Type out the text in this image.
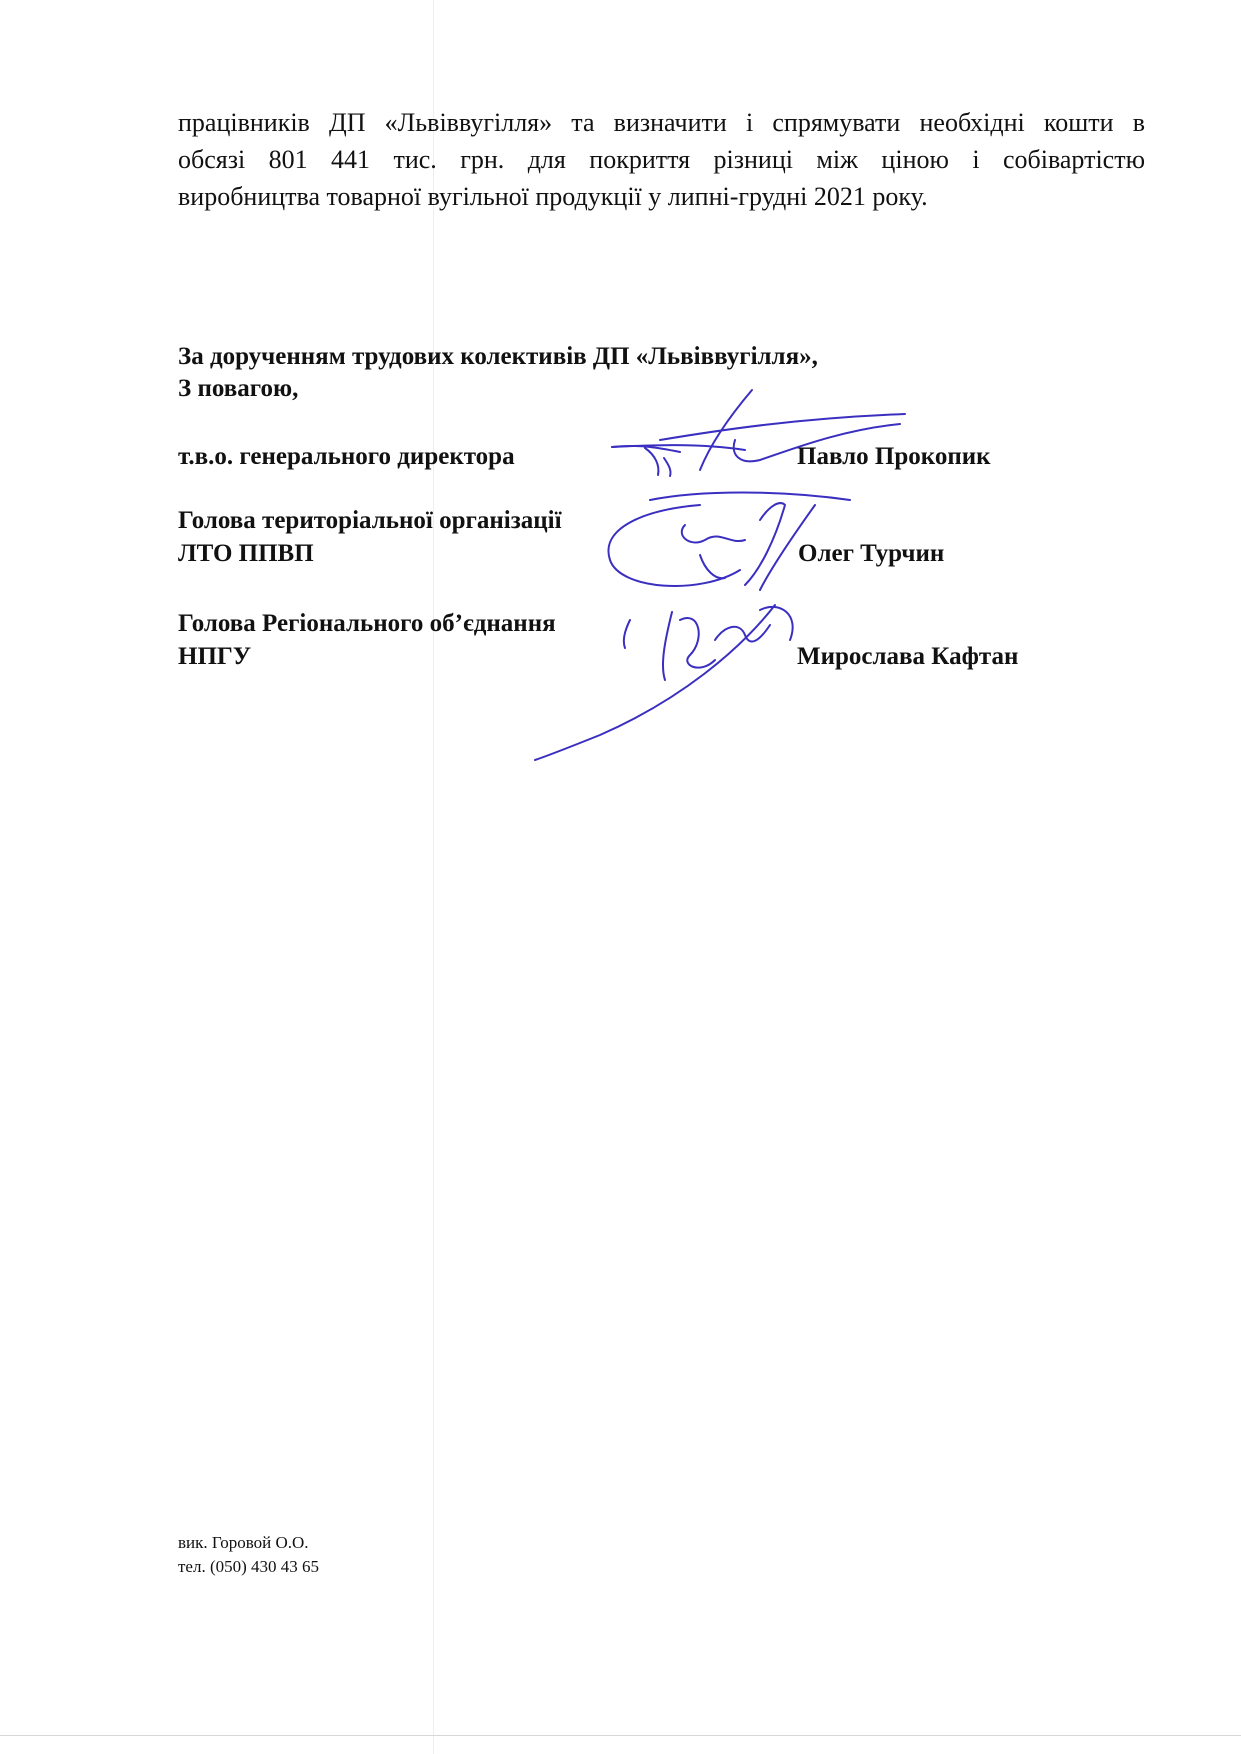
працівників ДП «Львіввугілля» та визначити і спрямувати необхідні кошти в
обсязі 801 441 тис. грн. для покриття різниці між ціною і собівартістю
виробництва товарної вугільної продукції у липні-грудні 2021 року.

За дорученням трудових колективів ДП «Львіввугілля»,
З повагою,
т.в.о. генерального директора	Павло Прокопик
Голова територіальної організації
ЛТО ППВП	Олег Турчин
Голова Регіонального об’єднання
НПГУ	Мирослава Кафтан
вик. Горовой О.О.
тел. (050) 430 43 65
